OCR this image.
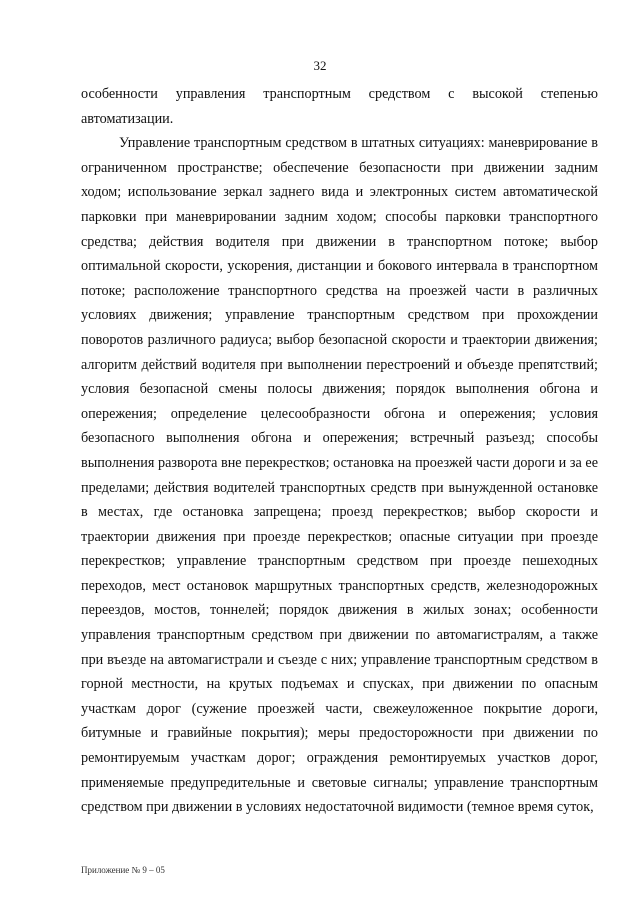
32

особенности управления транспортным средством с высокой степенью автоматизации.

Управление транспортным средством в штатных ситуациях: маневрирование в ограниченном пространстве; обеспечение безопасности при движении задним ходом; использование зеркал заднего вида и электронных систем автоматической парковки при маневрировании задним ходом; способы парковки транспортного средства; действия водителя при движении в транспортном потоке; выбор оптимальной скорости, ускорения, дистанции и бокового интервала в транспортном потоке; расположение транспортного средства на проезжей части в различных условиях движения; управление транспортным средством при прохождении поворотов различного радиуса; выбор безопасной скорости и траектории движения; алгоритм действий водителя при выполнении перестроений и объезде препятствий; условия безопасной смены полосы движения; порядок выполнения обгона и опережения; определение целесообразности обгона и опережения; условия безопасного выполнения обгона и опережения; встречный разъезд; способы выполнения разворота вне перекрестков; остановка на проезжей части дороги и за ее пределами; действия водителей транспортных средств при вынужденной остановке в местах, где остановка запрещена; проезд перекрестков; выбор скорости и траектории движения при проезде перекрестков; опасные ситуации при проезде перекрестков; управление транспортным средством при проезде пешеходных переходов, мест остановок маршрутных транспортных средств, железнодорожных переездов, мостов, тоннелей; порядок движения в жилых зонах; особенности управления транспортным средством при движении по автомагистралям, а также при въезде на автомагистрали и съезде с них; управление транспортным средством в горной местности, на крутых подъемах и спусках, при движении по опасным участкам дорог (сужение проезжей части, свежеуложенное покрытие дороги, битумные и гравийные покрытия); меры предосторожности при движении по ремонтируемым участкам дорог; ограждения ремонтируемых участков дорог, применяемые предупредительные и световые сигналы; управление транспортным средством при движении в условиях недостаточной видимости (темное время суток,

Приложение № 9 – 05
